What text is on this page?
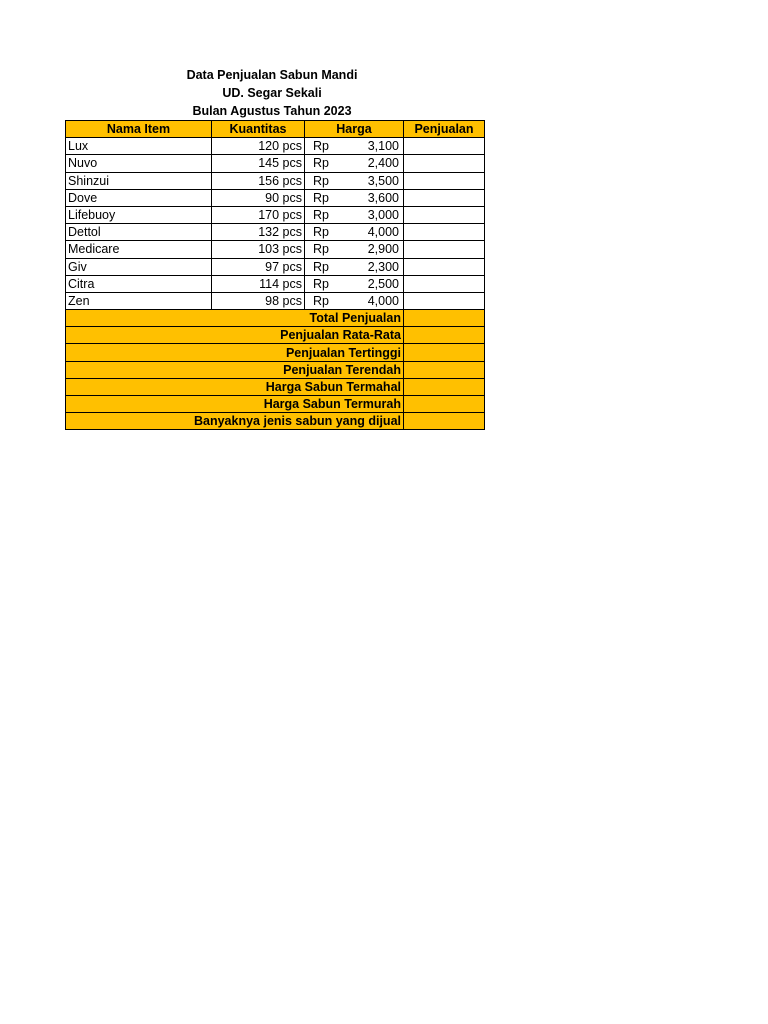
Data Penjualan Sabun Mandi
UD. Segar Sekali
Bulan Agustus Tahun 2023
Nama Item	Kuantitas	Harga	Penjualan
Lux	120 pcs	Rp 3,100	

Nuvo	145 pcs	Rp 2,400	

Shinzui	156 pcs	Rp 3,500	

Dove	90 pcs	Rp 3,600	

Lifebuoy	170 pcs	Rp 3,000	

Dettol	132 pcs	Rp 4,000	

Medicare	103 pcs	Rp 2,900	

Giv	97 pcs	Rp 2,300	

Citra	114 pcs	Rp 2,500	

Zen	98 pcs	Rp 4,000	

Total Penjualan			
Penjualan Rata-Rata			
Penjualan Tertinggi			
Penjualan Terendah			
Harga Sabun Termahal			
Harga Sabun Termurah			
Banyaknya jenis sabun yang dijual			
